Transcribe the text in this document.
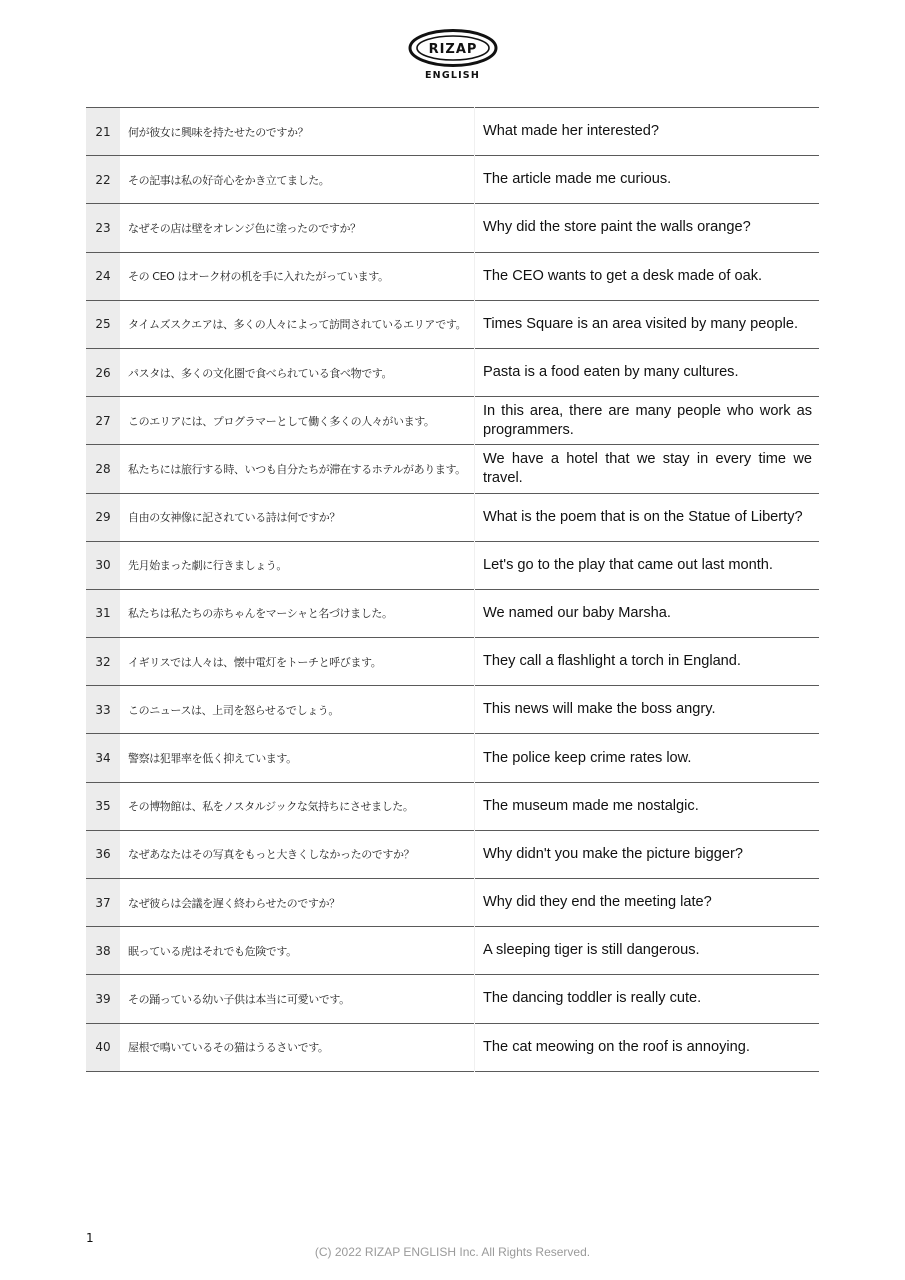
RIZAP
ENGLISH
21	何が彼女に興味を持たせたのですか？	What made her interested?
22	その記事は私の好奇心をかき立てました。	The article made me curious.
23	なぜその店は壁をオレンジ色に塗ったのですか？	Why did the store paint the walls orange?
24	その CEO はオーク材の机を手に入れたがっています。	The CEO wants to get a desk made of oak.
25	タイムズスクエアは、多くの人々によって訪問されているエリアです。	Times Square is an area visited by many people.
26	パスタは、多くの文化圏で食べられている食べ物です。	Pasta is a food eaten by many cultures.
27	このエリアには、プログラマーとして働く多くの人々がいます。	In this area, there are many people who work as programmers.
28	私たちには旅行する時、いつも自分たちが滞在するホテルがあります。	We have a hotel that we stay in every time we travel.
29	自由の女神像に記されている詩は何ですか？	What is the poem that is on the Statue of Liberty?
30	先月始まった劇に行きましょう。	Let's go to the play that came out last month.
31	私たちは私たちの赤ちゃんをマーシャと名づけました。	We named our baby Marsha.
32	イギリスでは人々は、懐中電灯をトーチと呼びます。	They call a flashlight a torch in England.
33	このニュースは、上司を怒らせるでしょう。	This news will make the boss angry.
34	警察は犯罪率を低く抑えています。	The police keep crime rates low.
35	その博物館は、私をノスタルジックな気持ちにさせました。	The museum made me nostalgic.
36	なぜあなたはその写真をもっと大きくしなかったのですか？	Why didn't you make the picture bigger?
37	なぜ彼らは会議を遅く終わらせたのですか？	Why did they end the meeting late?
38	眠っている虎はそれでも危険です。	A sleeping tiger is still dangerous.
39	その踊っている幼い子供は本当に可愛いです。	The dancing toddler is really cute.
40	屋根で鳴いているその猫はうるさいです。	The cat meowing on the roof is annoying.
1
(C) 2022 RIZAP ENGLISH Inc. All Rights Reserved.
